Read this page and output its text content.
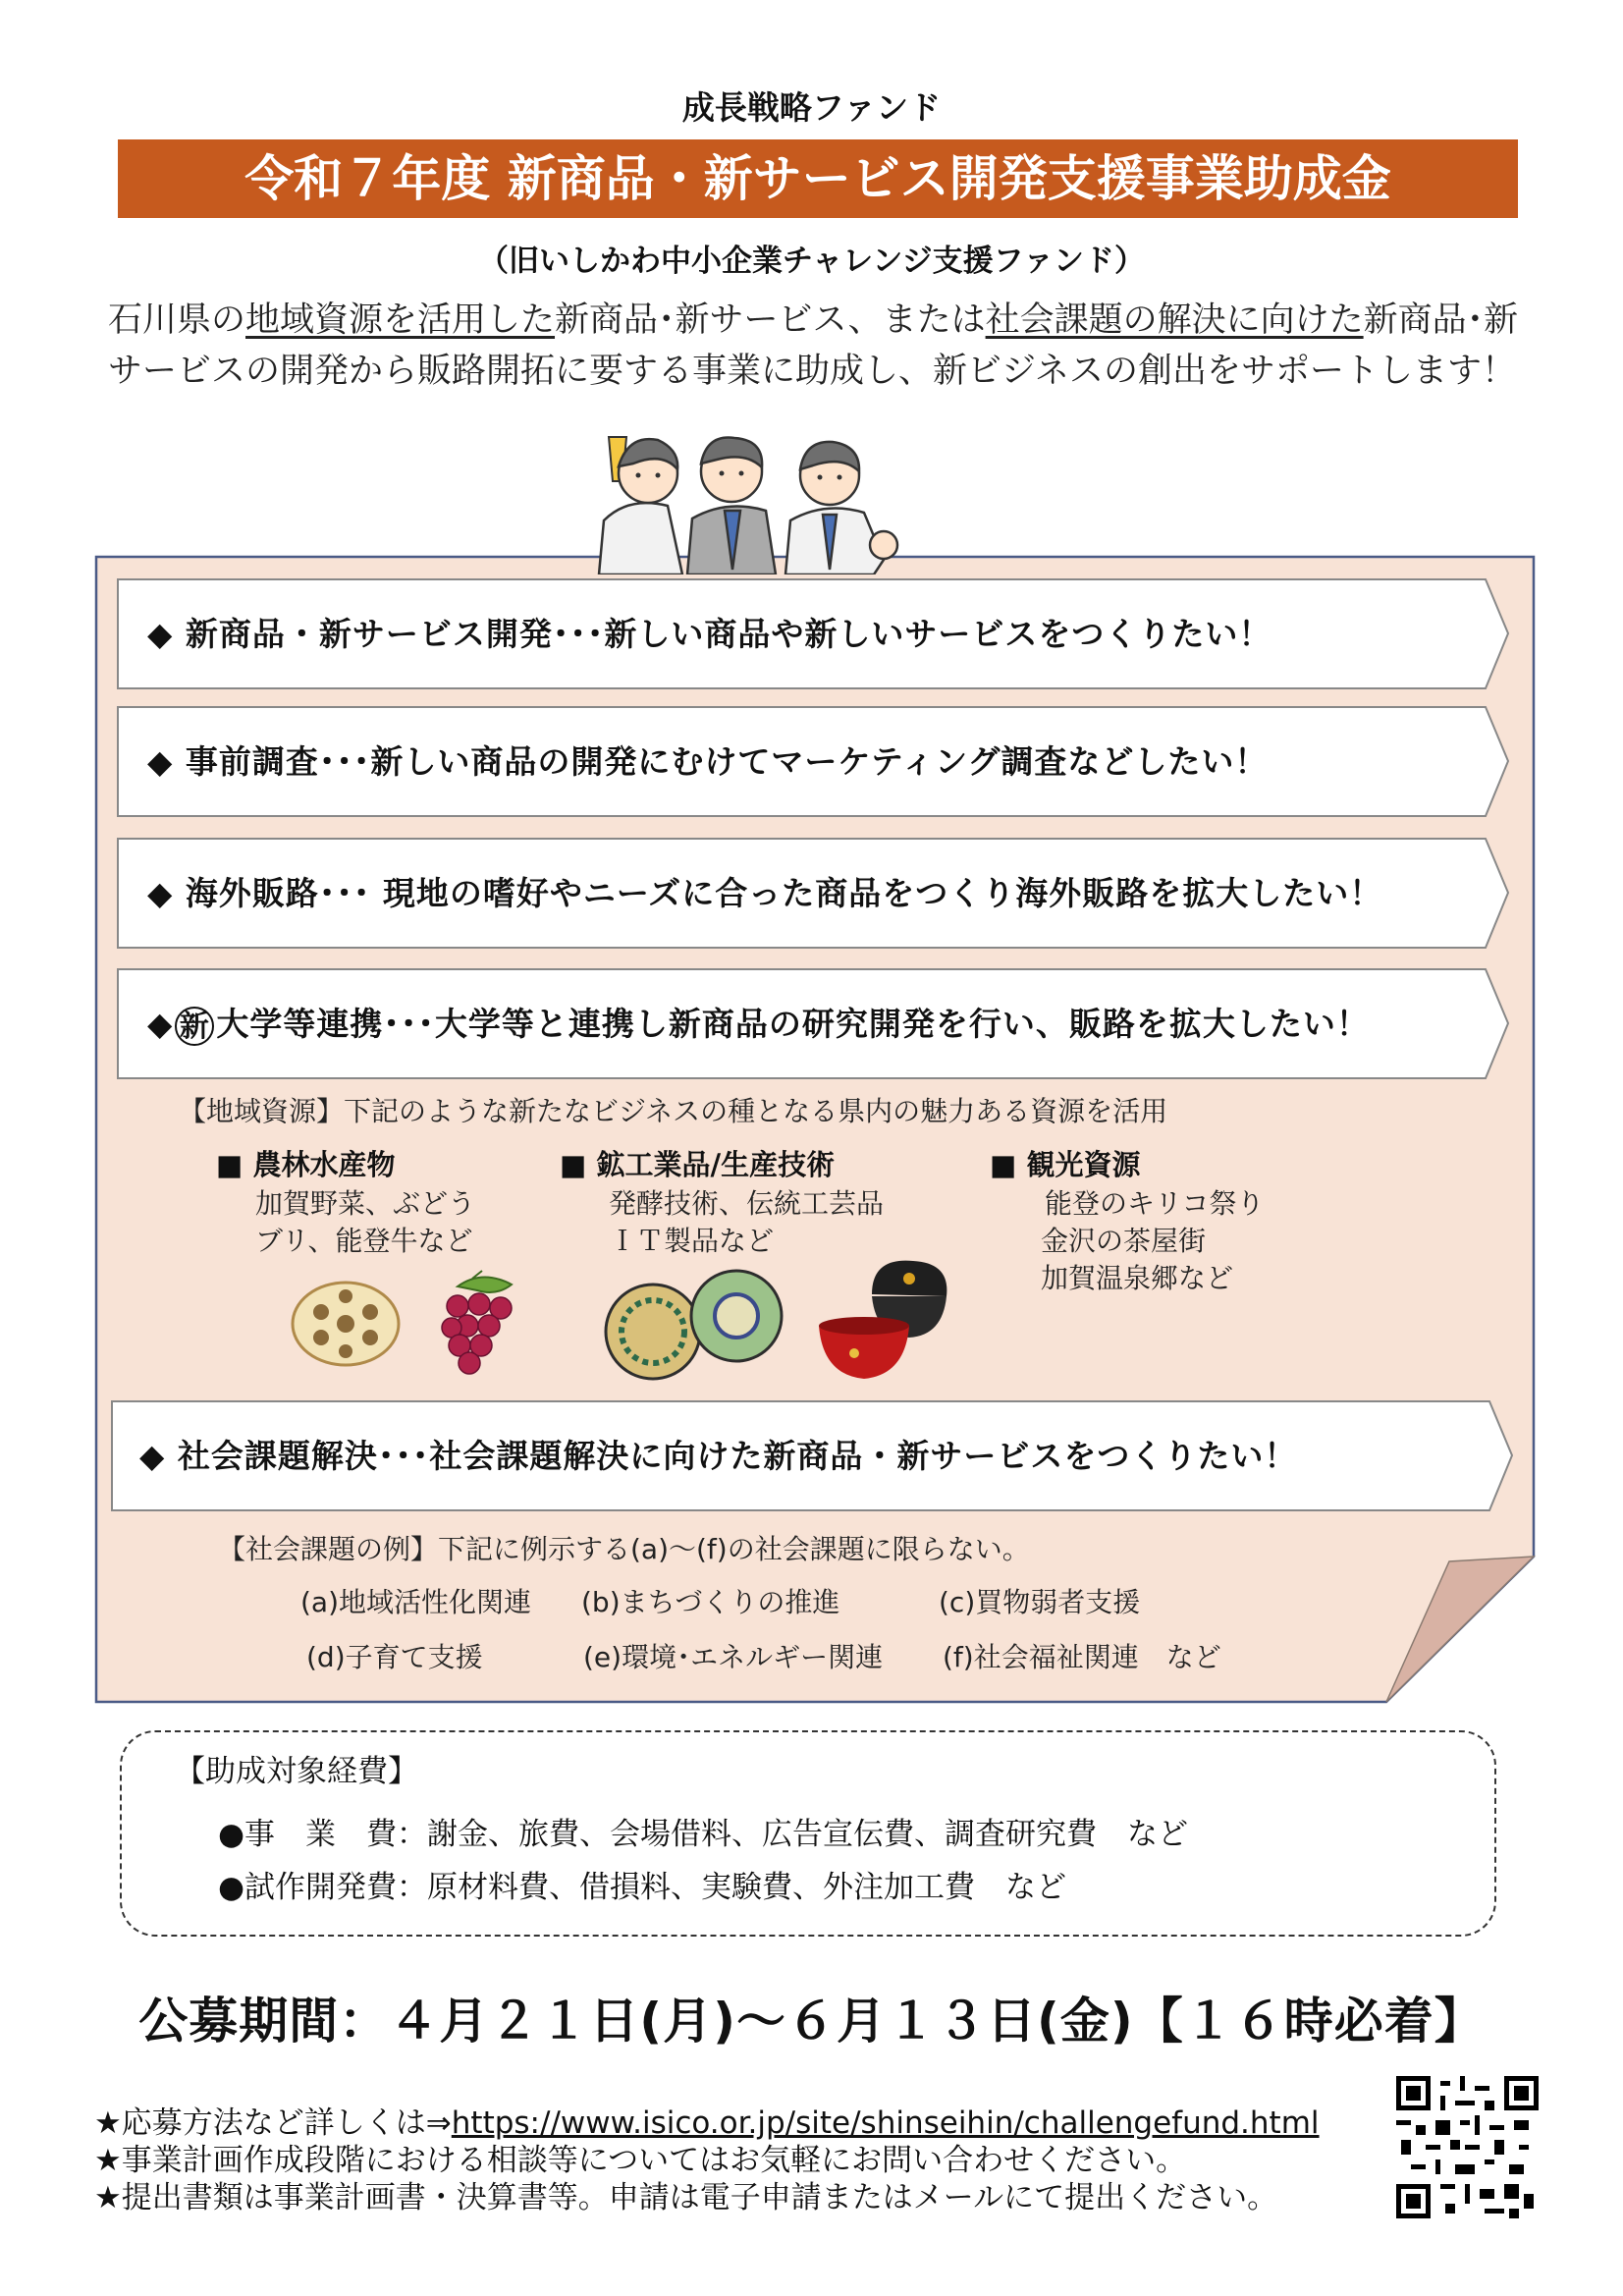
成長戦略ファンド
令和７年度 新商品・新サービス開発支援事業助成金
（旧いしかわ中小企業チャレンジ支援ファンド）
石川県の地域資源を活用した新商品･新サービス、または社会課題の解決に向けた新商品･新サービスの開発から販路開拓に要する事業に助成し、新ビジネスの創出をサポートします！
◆ 新商品・新サービス開発･･･新しい商品や新しいサービスをつくりたい！
◆ 事前調査･･･新しい商品の開発にむけてマーケティング調査などしたい！
◆ 海外販路･･･ 現地の嗜好やニーズに合った商品をつくり海外販路を拡大したい！
◆ 新 大学等連携･･･大学等と連携し新商品の研究開発を行い、販路を拡大したい！
【地域資源】下記のような新たなビジネスの種となる県内の魅力ある資源を活用
■ 農林水産物
加賀野菜、ぶどう
ブリ、能登牛など
■ 鉱工業品/生産技術
発酵技術、伝統工芸品
ＩＴ製品など
■ 観光資源
能登のキリコ祭り
金沢の茶屋街
加賀温泉郷など
◆ 社会課題解決･･･社会課題解決に向けた新商品・新サービスをつくりたい！
【社会課題の例】下記に例示する(a)～(f)の社会課題に限らない。
(a)地域活性化関連 (b)まちづくりの推進	(c)買物弱者支援
(d)子育て支援	(e)環境･エネルギー関連 (f)社会福祉関連　など
【助成対象経費】
●事　業　費：謝金、旅費、会場借料、広告宣伝費、調査研究費　など
●試作開発費：原材料費、借損料、実験費、外注加工費　など
公募期間：４月２１日(月)～６月１３日(金)【１６時必着】
★応募方法など詳しくは⇒https://www.isico.or.jp/site/shinseihin/challengefund.html
★事業計画作成段階における相談等についてはお気軽にお問い合わせください。
★提出書類は事業計画書・決算書等。申請は電子申請またはメールにて提出ください。
